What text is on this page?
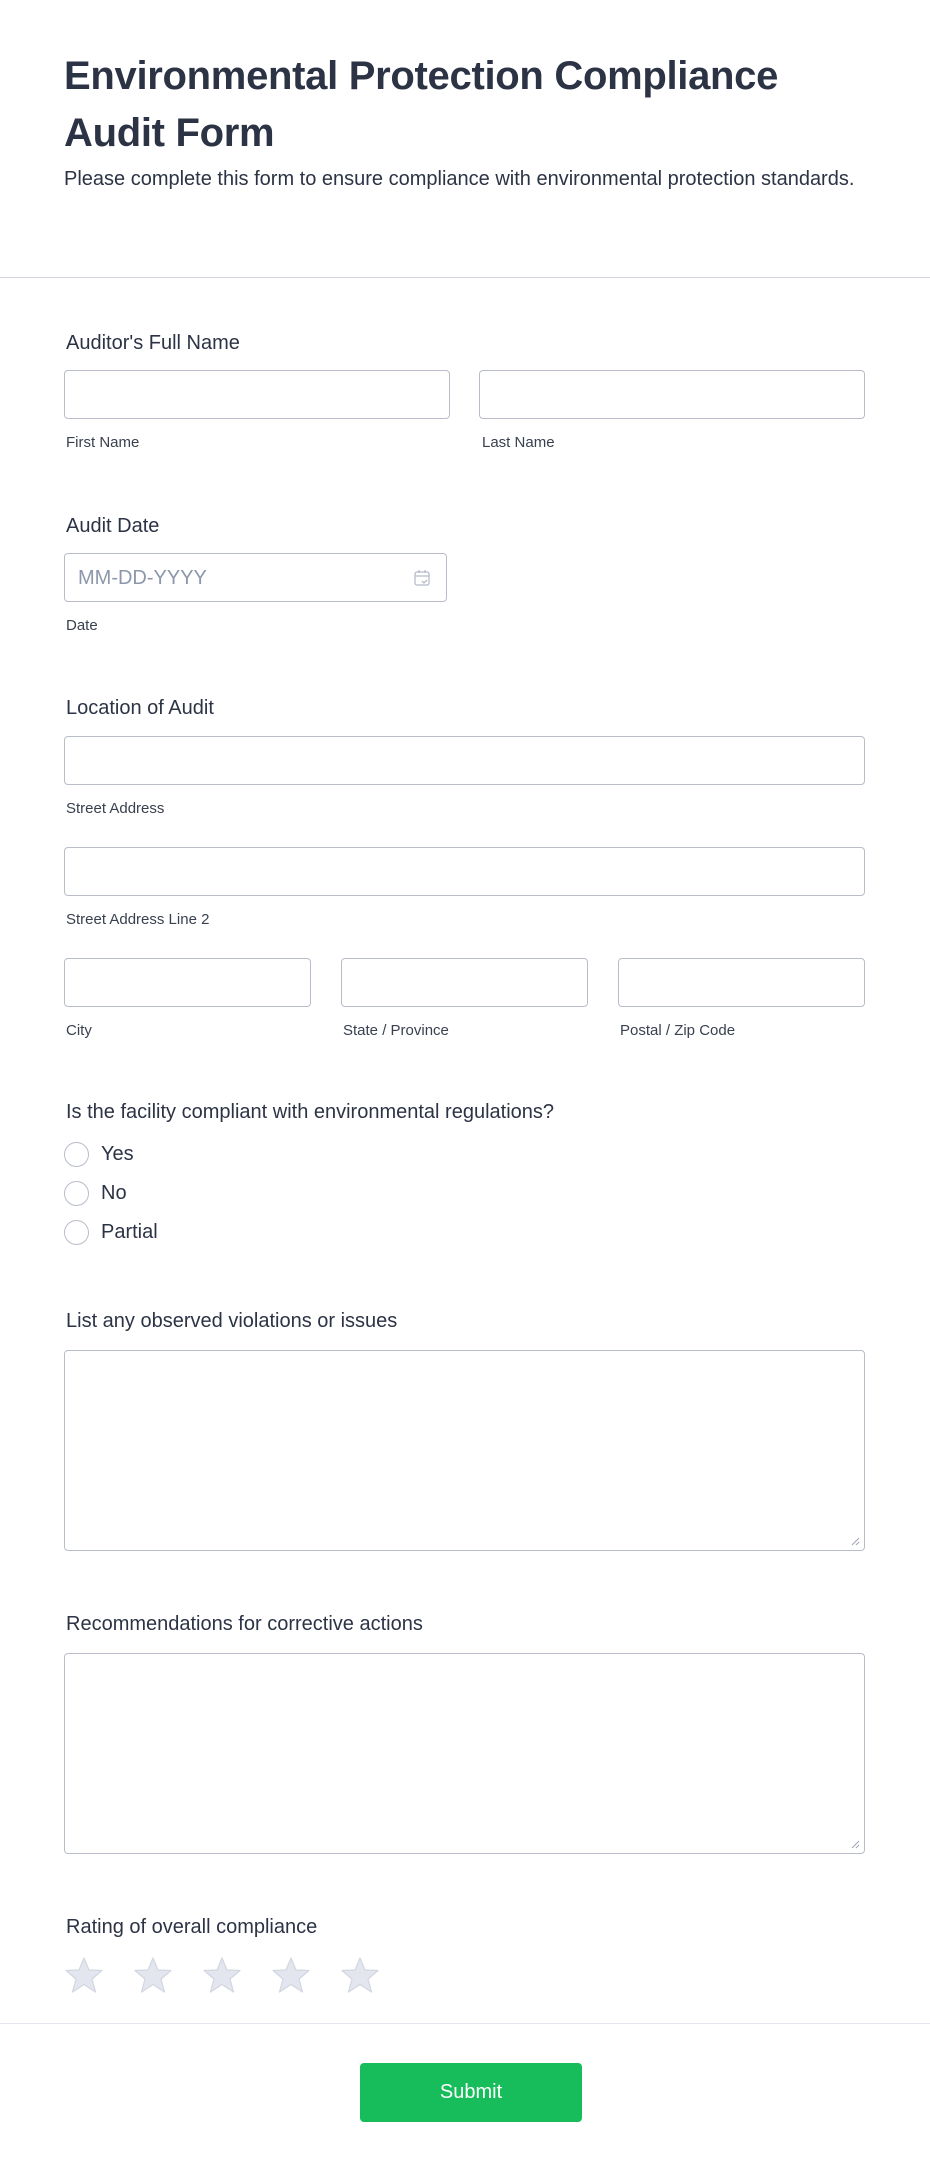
Environmental Protection Compliance Audit Form

Please complete this form to ensure compliance with environmental protection standards.

Auditor's Full Name
First Name	Last Name
Audit Date
MM-DD-YYYY
Date
Location of Audit
Street Address
Street Address Line 2
City	State / Province	Postal / Zip Code
Is the facility compliant with environmental regulations?
Yes
No
Partial
List any observed violations or issues
Recommendations for corrective actions
Rating of overall compliance
Submit
